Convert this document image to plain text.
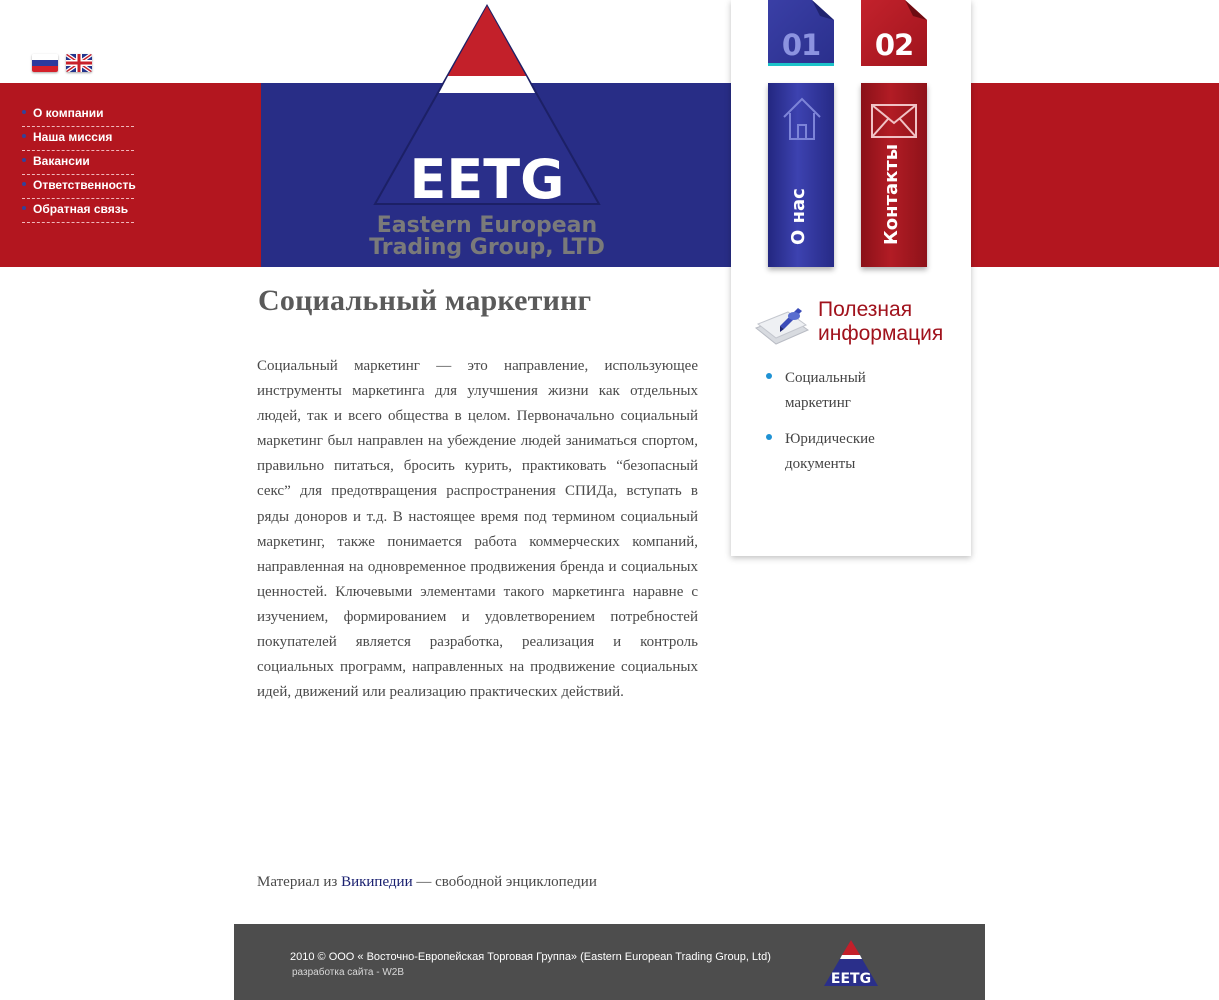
О компании
Наша миссия
Вакансии
Ответственность
Обратная связь	EETG
Eastern European
Trading Group, LTD
01
О нас
02
Контакты
Полезная
информация
Социальный маркетинг
Юридические документы
Социальный маркетинг

Социальный маркетинг — это направление, использующее инструменты маркетинга для улучшения жизни как отдельных людей, так и всего общества в целом. Первоначально социальный маркетинг был направлен на убеждение людей заниматься спортом, правильно питаться, бросить курить, практиковать “безопасный секс” для предотвращения распространения СПИДа, вступать в ряды доноров и т.д. В настоящее время под термином социальный маркетинг, также понимается работа коммерческих компаний, направленная на одновременное продвижения бренда и социальных ценностей. Ключевыми элементами такого маркетинга наравне с изучением, формированием и удовлетворением потребностей покупателей является разработка, реализация и контроль социальных программ, направленных на продвижение социальных идей, движений или реализацию практических действий.

Материал из Википедии — свободной энциклопедии
2010 © ООО « Восточно-Европейская Торговая Группа» (Eastern European Trading Group, Ltd)
разработка сайта - W2B	EETG
